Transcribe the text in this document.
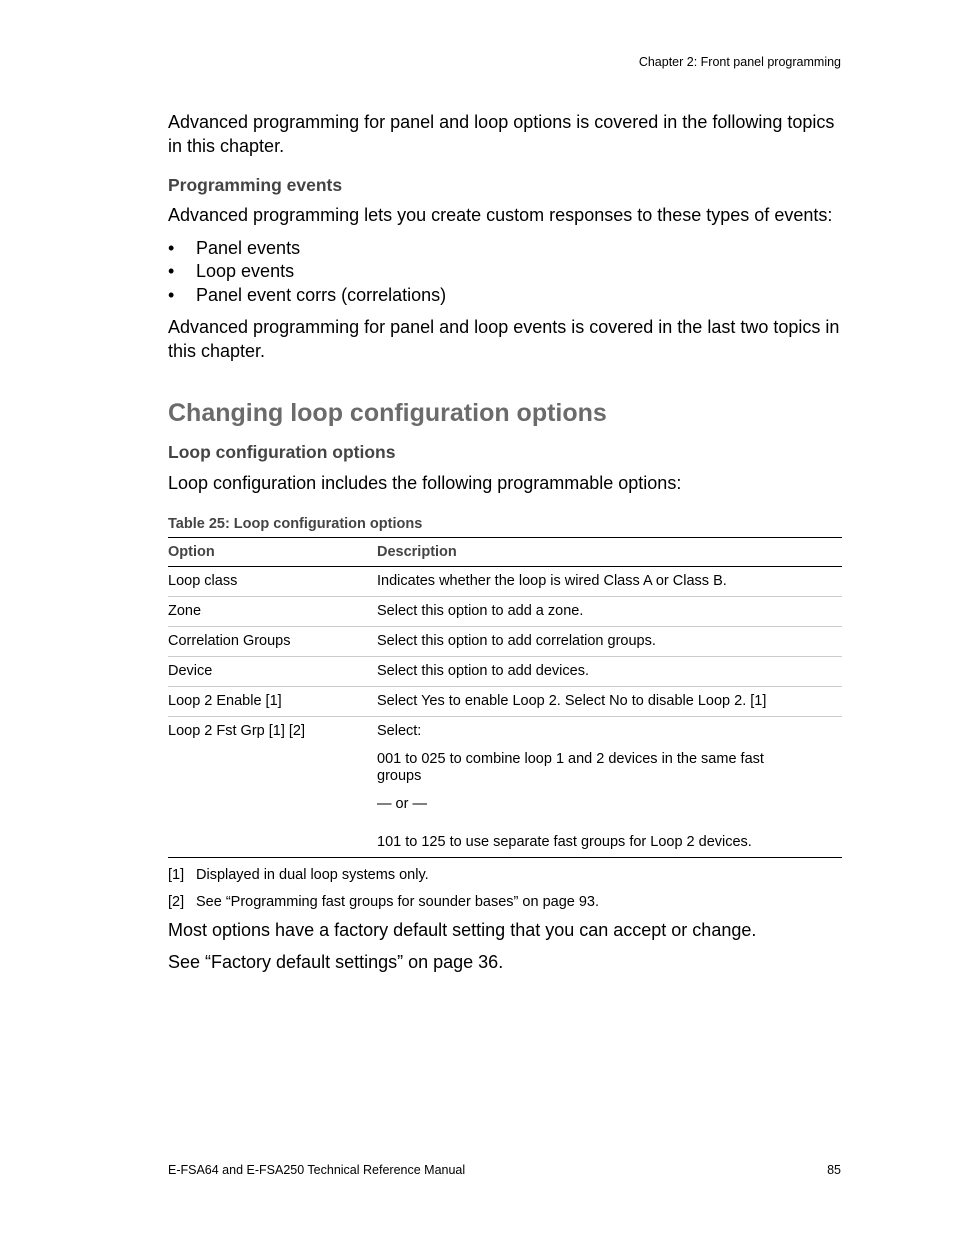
Chapter 2: Front panel programming

Advanced programming for panel and loop options is covered in the following topics in this chapter.

Programming events

Advanced programming lets you create custom responses to these types of events:

• Panel events
• Loop events
• Panel event corrs (correlations)

Advanced programming for panel and loop events is covered in the last two topics in this chapter.

Changing loop configuration options
Loop configuration options

Loop configuration includes the following programmable options:

Table 25: Loop configuration options

Option	Description
Loop class	Indicates whether the loop is wired Class A or Class B.
Zone	Select this option to add a zone.
Correlation Groups	Select this option to add correlation groups.
Device	Select this option to add devices.
Loop 2 Enable [1]	Select Yes to enable Loop 2. Select No to disable Loop 2. [1]
Loop 2 Fst Grp [1] [2]	Select:

001 to 025 to combine loop 1 and 2 devices in the same fast groups

— or —

101 to 125 to use separate fast groups for Loop 2 devices.

[1] Displayed in dual loop systems only.

[2] See “Programming fast groups for sounder bases” on page 93.

Most options have a factory default setting that you can accept or change.

See “Factory default settings” on page 36.

E-FSA64 and E-FSA250 Technical Reference Manual	85
